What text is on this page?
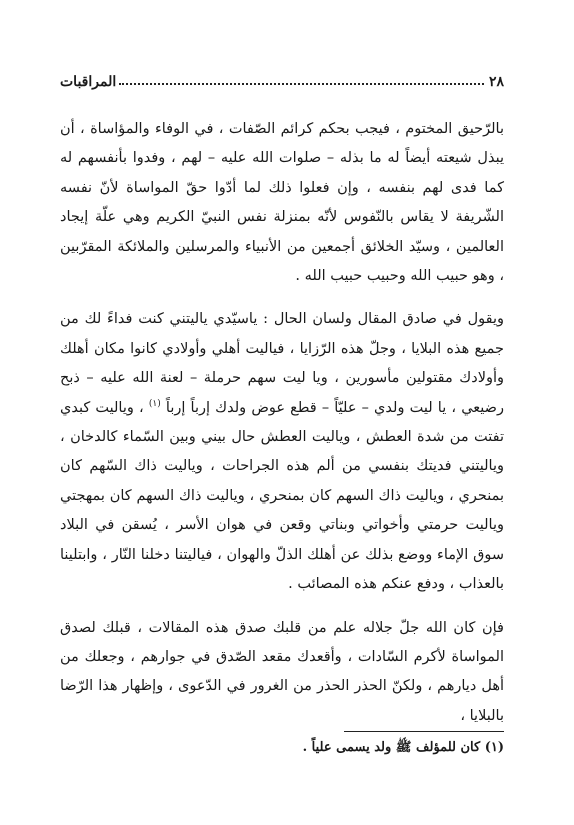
٢٨
المراقبات

بالرّحيق المختوم ، فيجب بحكم كرائم الصّفات ، في الوفاء والمؤاساة ، أن يبذل شيعته أيضاً له ما بذله – صلوات الله عليه – لهم ، وفدوا بأنفسهم له كما فدى لهم بنفسه ، وإن فعلوا ذلك لما أدّوا حقّ المواساة لأنّ نفسه الشّريفة لا يقاس بالنّفوس لأنّه بمنزلة نفس النبيّ الكريم وهي علّة إيجاد العالمين ، وسيّد الخلائق أجمعين من الأنبياء والمرسلين والملائكة المقرّبين ، وهو حبيب الله وحبيب حبيب الله .

ويقول في صادق المقال ولسان الحال : ياسيّدي ياليتني كنت فداءً لك من جميع هذه البلايا ، وجلّ هذه الرّزايا ، فياليت أهلي وأولادي كانوا مكان أهلك وأولادك مقتولين مأسورين ، ويا ليت سهم حرملة – لعنة الله عليه – ذبح رضيعي ، يا ليت ولدي – عليّاً – قطع عوض ولدك إرباً إرباً $^{(١)}$ ، وياليت كبدي تفتت من شدة العطش ، وياليت العطش حال بيني وبين السّماء كالدخان ، وياليتني فديتك بنفسي من ألم هذه الجراحات ، وياليت ذاك السّهم كان بمنحري ، وياليت ذاك السهم كان بمنحري ، وياليت ذاك السهم كان بمهجتي وياليت حرمتي وأخواتي وبناتي وقعن في هوان الأسر ، يُسقن في البلاد سوق الإماء ووضع بذلك عن أهلك الذلّ والهوان ، فياليتنا دخلنا النّار ، وابتلينا بالعذاب ، ودفع عنكم هذه المصائب .

فإن كان الله جلّ جلاله علم من قلبك صدق هذه المقالات ، قبلك لصدق المواساة لأكرم السّادات ، وأقعدك مقعد الصّدق في جوارهم ، وجعلك من أهل ديارهم ، ولكنّ الحذر الحذر من الغرور في الدّعوى ، وإظهار هذا الرّضا بالبلايا ،

(١) كان للمؤلف ﷺ ولد يسمى علياً .
